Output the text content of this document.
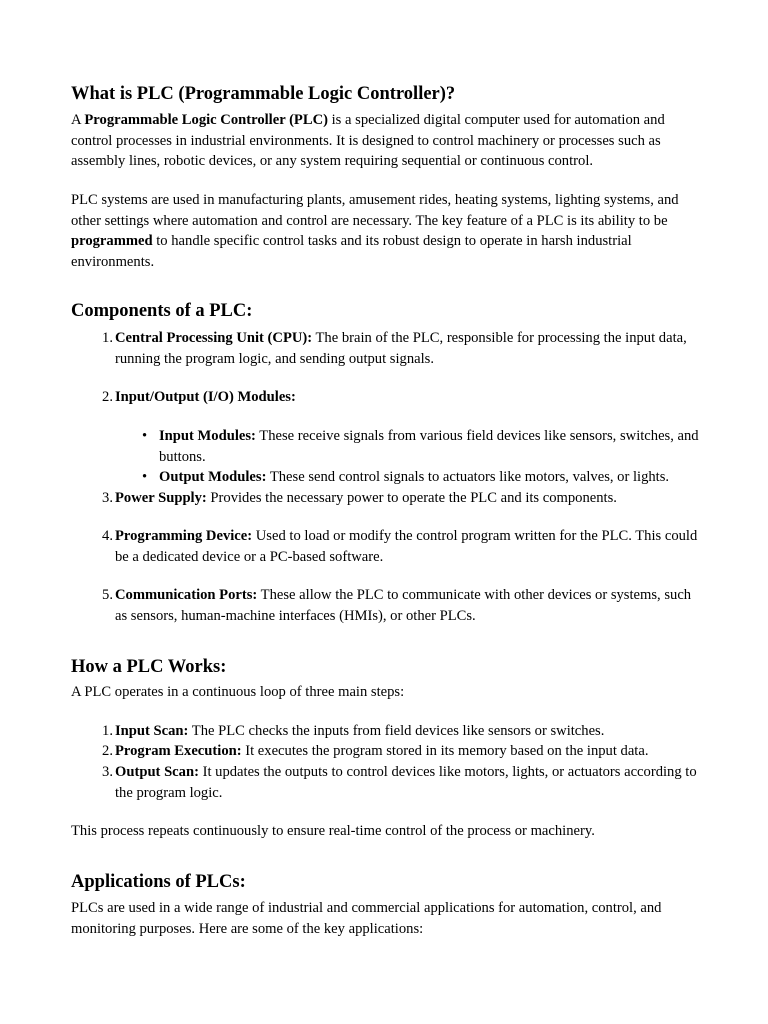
What is PLC (Programmable Logic Controller)?

A Programmable Logic Controller (PLC) is a specialized digital computer used for automation and control processes in industrial environments. It is designed to control machinery or processes such as assembly lines, robotic devices, or any system requiring sequential or continuous control.

PLC systems are used in manufacturing plants, amusement rides, heating systems, lighting systems, and other settings where automation and control are necessary. The key feature of a PLC is its ability to be programmed to handle specific control tasks and its robust design to operate in harsh industrial environments.

Components of a PLC:
1. Central Processing Unit (CPU): The brain of the PLC, responsible for processing the input data, running the program logic, and sending output signals.
2. Input/Output (I/O) Modules:
• Input Modules: These receive signals from various field devices like sensors, switches, and buttons.
• Output Modules: These send control signals to actuators like motors, valves, or lights.
3. Power Supply: Provides the necessary power to operate the PLC and its components.
4. Programming Device: Used to load or modify the control program written for the PLC. This could be a dedicated device or a PC-based software.
5. Communication Ports: These allow the PLC to communicate with other devices or systems, such as sensors, human-machine interfaces (HMIs), or other PLCs.
How a PLC Works:

A PLC operates in a continuous loop of three main steps:

1. Input Scan: The PLC checks the inputs from field devices like sensors or switches.
2. Program Execution: It executes the program stored in its memory based on the input data.
3. Output Scan: It updates the outputs to control devices like motors, lights, or actuators according to the program logic.

This process repeats continuously to ensure real-time control of the process or machinery.

Applications of PLCs:

PLCs are used in a wide range of industrial and commercial applications for automation, control, and monitoring purposes. Here are some of the key applications:
